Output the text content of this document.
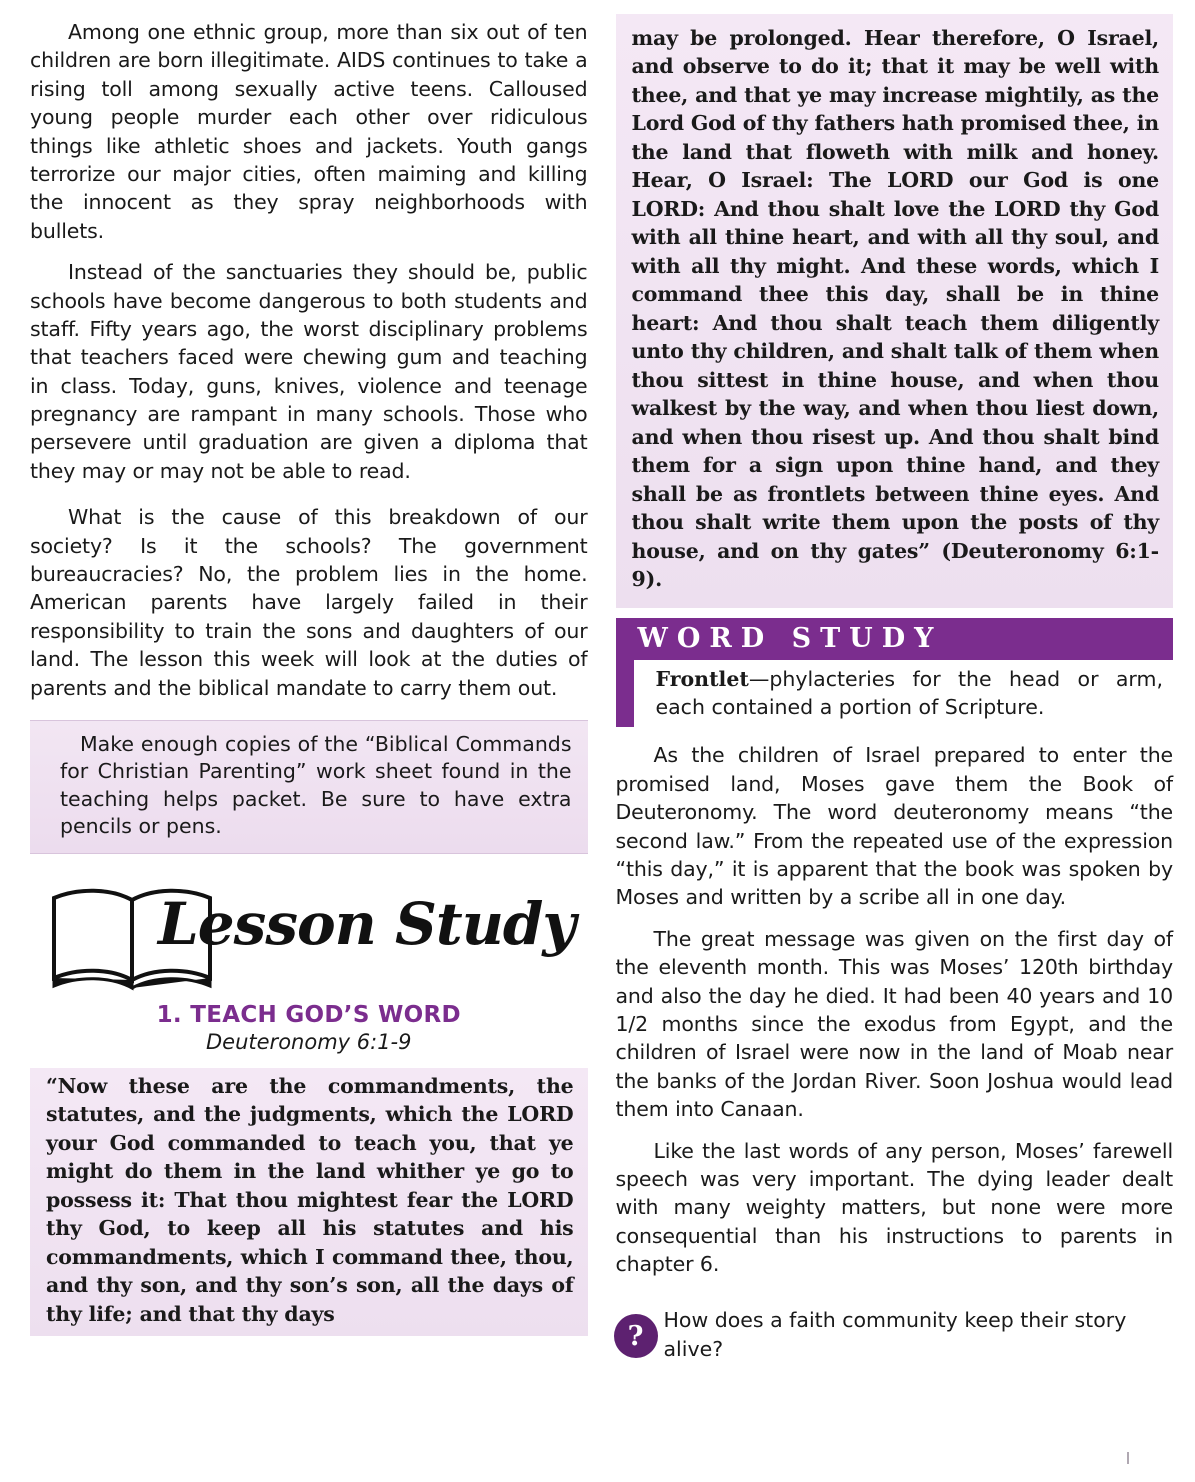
Among one ethnic group, more than six out of ten children are born illegitimate. AIDS continues to take a rising toll among sexually active teens. Calloused young people murder each other over ridiculous things like athletic shoes and jackets. Youth gangs terrorize our major cities, often maiming and killing the innocent as they spray neighborhoods with bullets.

Instead of the sanctuaries they should be, public schools have become dangerous to both students and staff. Fifty years ago, the worst disciplinary problems that teachers faced were chewing gum and teaching in class. Today, guns, knives, violence and teenage pregnancy are rampant in many schools. Those who persevere until graduation are given a diploma that they may or may not be able to read.

What is the cause of this breakdown of our society? Is it the schools? The government bureaucracies? No, the problem lies in the home. American parents have largely failed in their responsibility to train the sons and daughters of our land. The lesson this week will look at the duties of parents and the biblical mandate to carry them out.

Make enough copies of the “Biblical Commands for Christian Parenting” work sheet found in the teaching helps packet. Be sure to have extra pencils or pens.

Lesson Study
1. TEACH GOD’S WORD
Deuteronomy 6:1-9

“Now these are the commandments, the statutes, and the judgments, which the LORD your God commanded to teach you, that ye might do them in the land whither ye go to possess it: That thou mightest fear the LORD thy God, to keep all his statutes and his commandments, which I command thee, thou, and thy son, and thy son’s son, all the days of thy life; and that thy days

may be prolonged. Hear therefore, O Israel, and observe to do it; that it may be well with thee, and that ye may increase mightily, as the Lord God of thy fathers hath promised thee, in the land that floweth with milk and honey. Hear, O Israel: The LORD our God is one LORD: And thou shalt love the LORD thy God with all thine heart, and with all thy soul, and with all thy might. And these words, which I command thee this day, shall be in thine heart: And thou shalt teach them diligently unto thy children, and shalt talk of them when thou sittest in thine house, and when thou walkest by the way, and when thou liest down, and when thou risest up. And thou shalt bind them for a sign upon thine hand, and they shall be as frontlets between thine eyes. And thou shalt write them upon the posts of thy house, and on thy gates” (Deuteronomy 6:1-9).

WORD STUDY
Frontlet—phylacteries for the head or arm, each contained a portion of Scripture.

As the children of Israel prepared to enter the promised land, Moses gave them the Book of Deuteronomy. The word deuteronomy means “the second law.” From the repeated use of the expression “this day,” it is apparent that the book was spoken by Moses and written by a scribe all in one day.

The great message was given on the first day of the eleventh month. This was Moses’ 120th birthday and also the day he died. It had been 40 years and 10 1/2 months since the exodus from Egypt, and the children of Israel were now in the land of Moab near the banks of the Jordan River. Soon Joshua would lead them into Canaan.

Like the last words of any person, Moses’ farewell speech was very important. The dying leader dealt with many weighty matters, but none were more consequential than his instructions to parents in chapter 6.

?

How does a faith community keep their story alive?
